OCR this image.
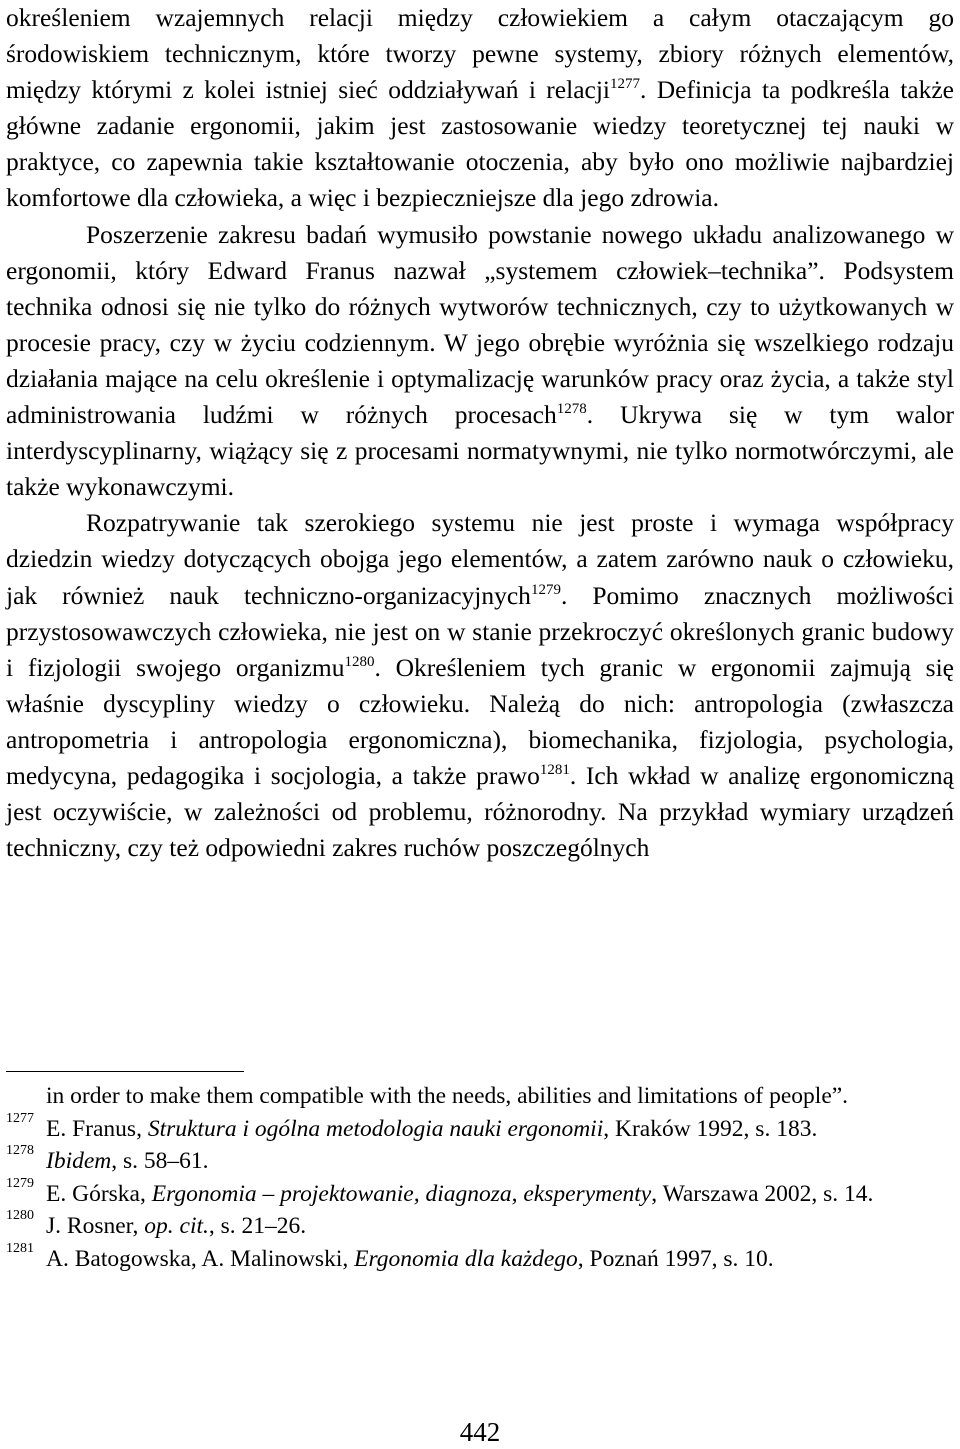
określeniem wzajemnych relacji między człowiekiem a całym otaczającym go środowiskiem technicznym, które tworzy pewne systemy, zbiory różnych elementów, między którymi z kolei istniej sieć oddziaływań i relacji$^{1277}$. Definicja ta podkreśla także główne zadanie ergonomii, jakim jest zastosowanie wiedzy teoretycznej tej nauki w praktyce, co zapewnia takie kształtowanie otoczenia, aby było ono możliwie najbardziej komfortowe dla człowieka, a więc i bezpieczniejsze dla jego zdrowia.

Poszerzenie zakresu badań wymusiło powstanie nowego układu analizowanego w ergonomii, który Edward Franus nazwał „systemem człowiek–technika”. Podsystem technika odnosi się nie tylko do różnych wytworów technicznych, czy to użytkowanych w procesie pracy, czy w życiu codziennym. W jego obrębie wyróżnia się wszelkiego rodzaju działania mające na celu określenie i optymalizację warunków pracy oraz życia, a także styl administrowania ludźmi w różnych procesach$^{1278}$. Ukrywa się w tym walor interdyscyplinarny, wiążący się z procesami normatywnymi, nie tylko normotwórczymi, ale także wykonawczymi.

Rozpatrywanie tak szerokiego systemu nie jest proste i wymaga współpracy dziedzin wiedzy dotyczących obojga jego elementów, a zatem zarówno nauk o człowieku, jak również nauk techniczno-organizacyjnych$^{1279}$. Pomimo znacznych możliwości przystosowawczych człowieka, nie jest on w stanie przekroczyć określonych granic budowy i fizjologii swojego organizmu$^{1280}$. Określeniem tych granic w ergonomii zajmują się właśnie dyscypliny wiedzy o człowieku. Należą do nich: antropologia (zwłaszcza antropometria i antropologia ergonomiczna), biomechanika, fizjologia, psychologia, medycyna, pedagogika i socjologia, a także prawo$^{1281}$. Ich wkład w analizę ergonomiczną jest oczywiście, w zależności od problemu, różnorodny. Na przykład wymiary urządzeń techniczny, czy też odpowiedni zakres ruchów poszczególnych

in order to make them compatible with the needs, abilities and limitations of people”.

1277 E. Franus, Struktura i ogólna metodologia nauki ergonomii, Kraków 1992, s. 183.

1278 Ibidem, s. 58–61.

1279 E. Górska, Ergonomia – projektowanie, diagnoza, eksperymenty, Warszawa 2002, s. 14.

1280 J. Rosner, op. cit., s. 21–26.

1281 A. Batogowska, A. Malinowski, Ergonomia dla każdego, Poznań 1997, s. 10.

442
